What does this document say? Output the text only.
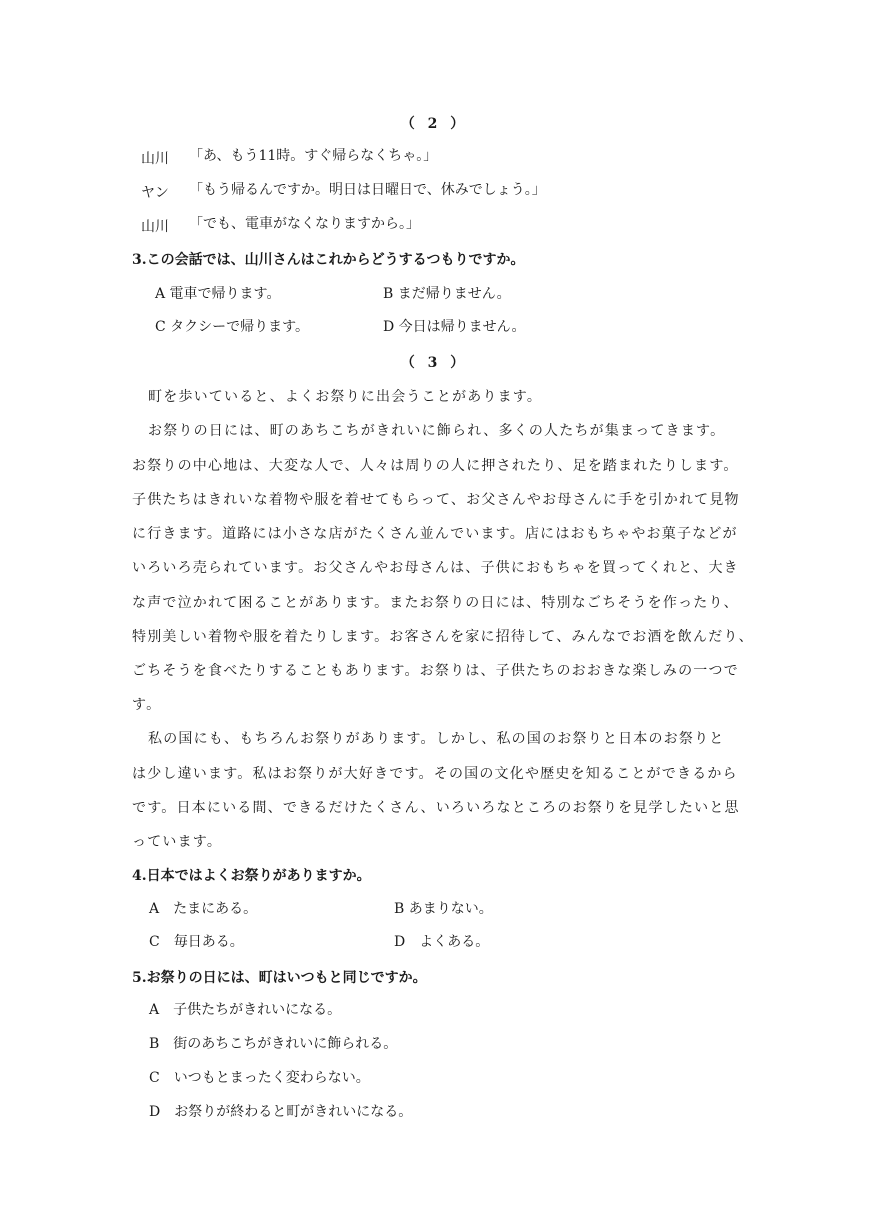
（ 2 ）
山川 「あ、もう11時。すぐ帰らなくちゃ。」
ヤン 「もう帰るんですか。明日は日曜日で、休みでしょう。」
山川 「でも、電車がなくなりますから。」
3.この会話では、山川さんはこれからどうするつもりですか。
A 電車で帰ります。	B まだ帰りません。
C タクシーで帰ります。	D 今日は帰りません。
（ 3 ）
町を歩いていると、よくお祭りに出会うことがあります。
お祭りの日には、町のあちこちがきれいに飾られ、多くの人たちが集まってきます。
お祭りの中心地は、大変な人で、人々は周りの人に押されたり、足を踏まれたりします。
子供たちはきれいな着物や服を着せてもらって、お父さんやお母さんに手を引かれて見物
に行きます。道路には小さな店がたくさん並んでいます。店にはおもちゃやお菓子などが
いろいろ売られています。お父さんやお母さんは、子供におもちゃを買ってくれと、大き
な声で泣かれて困ることがあります。またお祭りの日には、特別なごちそうを作ったり、
特別美しい着物や服を着たりします。お客さんを家に招待して、みんなでお酒を飲んだり、
ごちそうを食べたりすることもあります。お祭りは、子供たちのおおきな楽しみの一つで
す。
私の国にも、もちろんお祭りがあります。しかし、私の国のお祭りと日本のお祭りと
は少し違います。私はお祭りが大好きです。その国の文化や歴史を知ることができるから
です。日本にいる間、できるだけたくさん、いろいろなところのお祭りを見学したいと思
っています。
4.日本ではよくお祭りがありますか。
A　たまにある。	B あまりない。
C　毎日ある。	D　よくある。
5.お祭りの日には、町はいつもと同じですか。
A　子供たちがきれいになる。
B　街のあちこちがきれいに飾られる。
C　いつもとまったく変わらない。
D　お祭りが終わると町がきれいになる。
